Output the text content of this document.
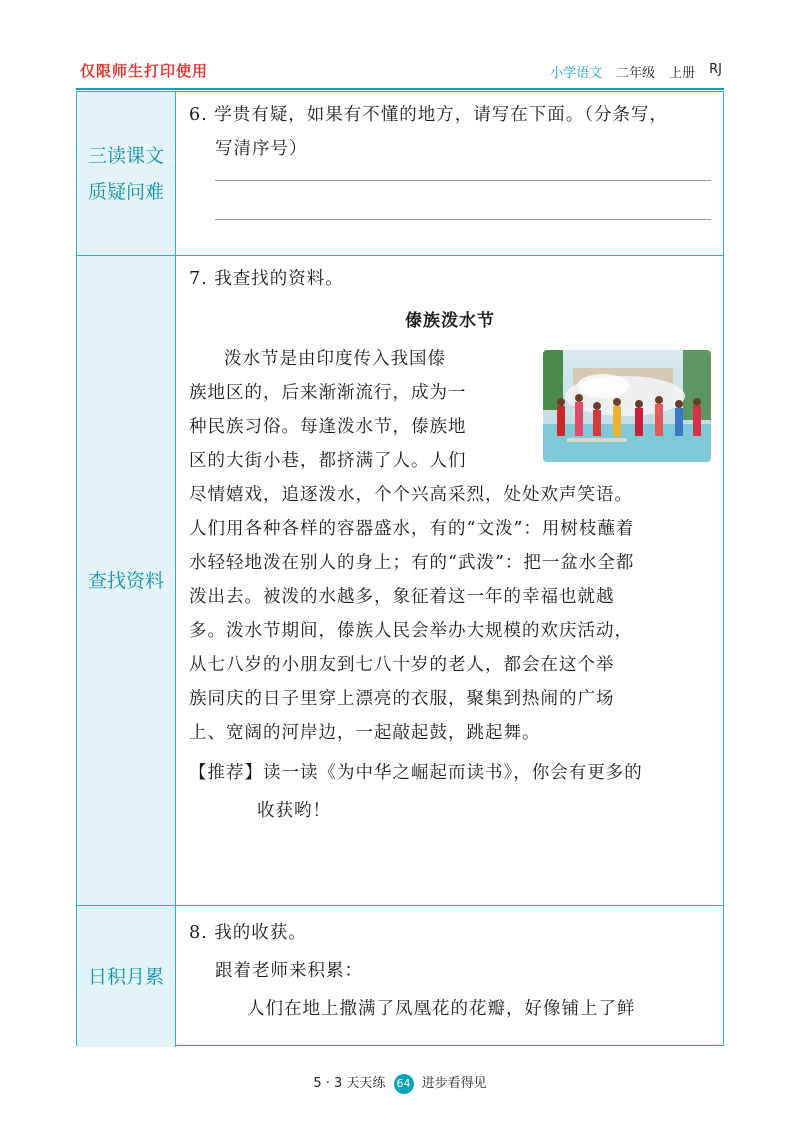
仅限师生打印使用	小学语文 二年级 上册 RJ
三读课文
质疑问难
6. 学贵有疑，如果有不懂的地方，请写在下面。（分条写，
写清序号）
查找资料
7. 我查找的资料。
傣族泼水节
泼水节是由印度传入我国傣
族地区的，后来渐渐流行，成为一
种民族习俗。每逢泼水节，傣族地
区的大街小巷，都挤满了人。人们
尽情嬉戏，追逐泼水，个个兴高采烈，处处欢声笑语。
人们用各种各样的容器盛水，有的“文泼”：用树枝蘸着
水轻轻地泼在别人的身上；有的“武泼”：把一盆水全都
泼出去。被泼的水越多，象征着这一年的幸福也就越
多。泼水节期间，傣族人民会举办大规模的欢庆活动，
从七八岁的小朋友到七八十岁的老人，都会在这个举
族同庆的日子里穿上漂亮的衣服，聚集到热闹的广场
上、宽阔的河岸边，一起敲起鼓，跳起舞。
【推荐】读一读《为中华之崛起而读书》，你会有更多的
收获哟！
日积月累
8. 我的收获。
跟着老师来积累：
人们在地上撒满了凤凰花的花瓣，好像铺上了鲜
5 · 3 天天练 64 进步看得见
